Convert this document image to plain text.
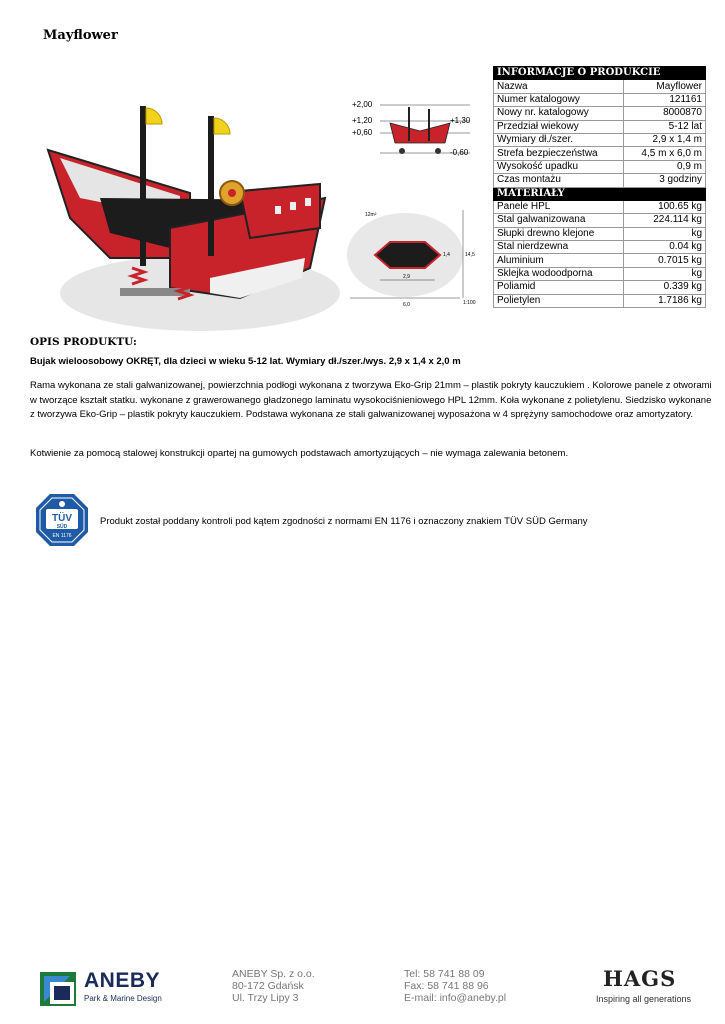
Mayflower
+2,00
+1,20
+0,60
+1,30
-0,60
12m²
14,5
2,9
1,4
6,0	1:100
INFORMACJE O PRODUKCIE	
Nazwa	Mayflower
Numer katalogowy	121161
Nowy nr. katalogowy	8000870
Przedział wiekowy	5-12 lat
Wymiary dł./szer.	2,9 x 1,4 m
Strefa bezpieczeństwa	4,5 m x 6,0 m
Wysokość upadku	0,9 m
Czas montażu	3 godziny
MATERIAŁY	
Panele HPL	100.65 kg
Stal galwanizowana	224.114 kg
Słupki drewno klejone	kg
Stal nierdzewna	0.04 kg
Aluminium	0.7015 kg
Sklejka wodoodporna	kg
Poliamid	0.339 kg
Polietylen	1.7186 kg
OPIS PRODUKTU:
Bujak wieloosobowy OKRĘT, dla dzieci w wieku 5-12 lat. Wymiary dł./szer./wys. 2,9 x 1,4 x 2,0 m
Rama wykonana ze stali galwanizowanej, powierzchnia podłogi wykonana z tworzywa Eko-Grip 21mm – plastik pokryty kauczukiem . Kolorowe panele z otworami w tworzące kształt statku. wykonane z grawerowanego gładzonego laminatu wysokociśnieniowego HPL 12mm. Koła wykonane z polietylenu. Siedzisko wykonane z tworzywa Eko-Grip – plastik pokryty kauczukiem. Podstawa wykonana ze stali galwanizowanej wyposażona w 4 sprężyny samochodowe oraz amortyzatory.
Kotwienie za pomocą stalowej konstrukcji opartej na gumowych podstawach amortyzujących – nie wymaga zalewania betonem.
TÜV
SÜD
EN 1176
Produkt został poddany kontroli pod kątem zgodności z normami EN 1176 i oznaczony znakiem TÜV SÜD Germany
ANEBY
Park & Marine Design
ANEBY Sp. z o.o.
80-172 Gdańsk
Ul. Trzy Lipy 3
Tel: 58 741 88 09
Fax: 58 741 88 96
E-mail: info@aneby.pl
HAGS
Inspiring all generations
